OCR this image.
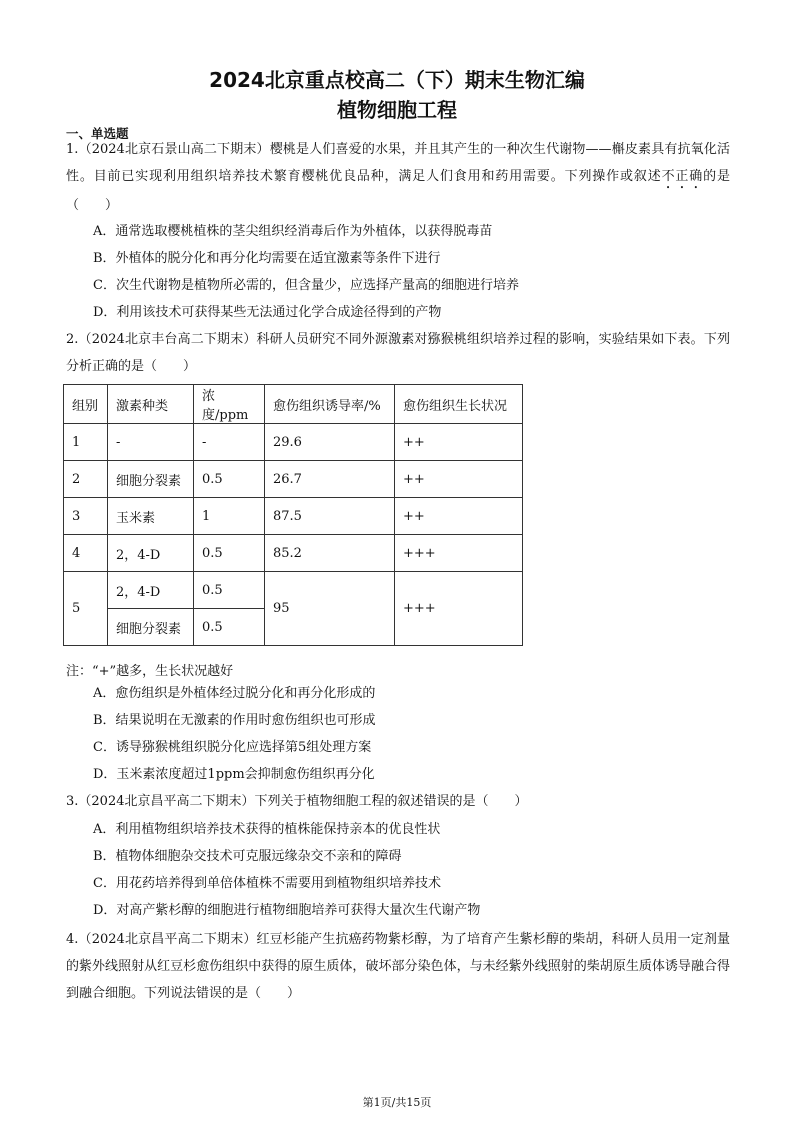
2024北京重点校高二（下）期末生物汇编
植物细胞工程
一、单选题
1.（2024北京石景山高二下期末）樱桃是人们喜爱的水果，并且其产生的一种次生代谢物——槲皮素具有抗氧化活性。目前已实现利用组织培养技术繁育樱桃优良品种，满足人们食用和药用需要。下列操作或叙述不正确的是（　　）
A．通常选取樱桃植株的茎尖组织经消毒后作为外植体，以获得脱毒苗
B．外植体的脱分化和再分化均需要在适宜激素等条件下进行
C．次生代谢物是植物所必需的，但含量少，应选择产量高的细胞进行培养
D．利用该技术可获得某些无法通过化学合成途径得到的产物
2.（2024北京丰台高二下期末）科研人员研究不同外源激素对猕猴桃组织培养过程的影响，实验结果如下表。下列分析正确的是（　　）
组别	激素种类	浓度/ppm	愈伤组织诱导率/%	愈伤组织生长状况
1	-	-	29.6	++
2	细胞分裂素	0.5	26.7	++
3	玉米素	1	87.5	++
4	2，4-D	0.5	85.2	+++
5	2，4-D	0.5	95	+++
	细胞分裂素	0.5		
注：“+”越多，生长状况越好
A．愈伤组织是外植体经过脱分化和再分化形成的
B．结果说明在无激素的作用时愈伤组织也可形成
C．诱导猕猴桃组织脱分化应选择第5组处理方案
D．玉米素浓度超过1ppm会抑制愈伤组织再分化
3.（2024北京昌平高二下期末）下列关于植物细胞工程的叙述错误的是（　　）
A．利用植物组织培养技术获得的植株能保持亲本的优良性状
B．植物体细胞杂交技术可克服远缘杂交不亲和的障碍
C．用花药培养得到单倍体植株不需要用到植物组织培养技术
D．对高产紫杉醇的细胞进行植物细胞培养可获得大量次生代谢产物
4.（2024北京昌平高二下期末）红豆杉能产生抗癌药物紫杉醇，为了培育产生紫杉醇的柴胡，科研人员用一定剂量的紫外线照射从红豆杉愈伤组织中获得的原生质体，破坏部分染色体，与未经紫外线照射的柴胡原生质体诱导融合得到融合细胞。下列说法错误的是（　　）
第1页/共15页
